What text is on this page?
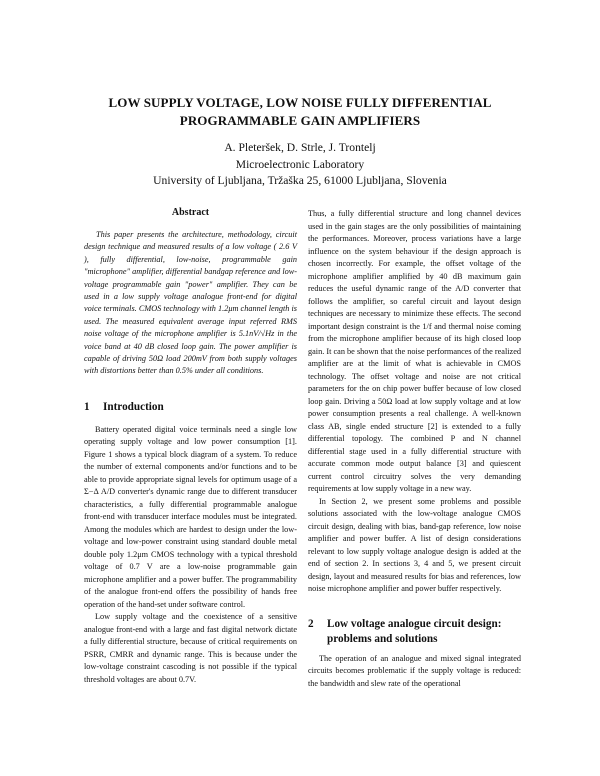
LOW SUPPLY VOLTAGE, LOW NOISE FULLY DIFFERENTIAL
PROGRAMMABLE GAIN AMPLIFIERS
A. Pleteršek, D. Strle, J. Trontelj
Microelectronic Laboratory
University of Ljubljana, Tržaška 25, 61000 Ljubljana, Slovenia
Abstract

This paper presents the architecture, methodology, circuit design technique and measured results of a low voltage ( 2.6 V ), fully differential, low-noise, programmable gain "microphone" amplifier, differential bandgap reference and low-voltage programmable gain "power" amplifier. They can be used in a low supply voltage analogue front-end for digital voice terminals. CMOS technology with 1.2μm channel length is used. The measured equivalent average input referred RMS noise voltage of the microphone amplifier is 5.1nV/√Hz in the voice band at 40 dB closed loop gain. The power amplifier is capable of driving 50Ω load 200mV from both supply voltages with distortions better than 0.5% under all conditions.

1	Introduction

Battery operated digital voice terminals need a single low operating supply voltage and low power consumption [1]. Figure 1 shows a typical block diagram of a system. To reduce the number of external components and/or functions and to be able to provide appropriate signal levels for optimum usage of a Σ−Δ A/D converter's dynamic range due to different transducer characteristics, a fully differential programmable analogue front-end with transducer interface modules must be integrated. Among the modules which are hardest to design under the low-voltage and low-power constraint using standard double metal double poly 1.2μm CMOS technology with a typical threshold voltage of 0.7 V are a low-noise programmable gain microphone amplifier and a power buffer. The programmability of the analogue front-end offers the possibility of hands free operation of the hand-set under software control.

Low supply voltage and the coexistence of a sensitive analogue front-end with a large and fast digital network dictate a fully differential structure, because of critical requirements on PSRR, CMRR and dynamic range. This is because under the low-voltage constraint cascoding is not possible if the typical threshold voltages are about 0.7V.

Thus, a fully differential structure and long channel devices used in the gain stages are the only possibilities of maintaining the performances. Moreover, process variations have a large influence on the system behaviour if the design approach is chosen incorrectly. For example, the offset voltage of the microphone amplifier amplified by 40 dB maximum gain reduces the useful dynamic range of the A/D converter that follows the amplifier, so careful circuit and layout design techniques are necessary to minimize these effects. The second important design constraint is the 1/f and thermal noise coming from the microphone amplifier because of its high closed loop gain. It can be shown that the noise performances of the realized amplifier are at the limit of what is achievable in CMOS technology. The offset voltage and noise are not critical parameters for the on chip power buffer because of low closed loop gain. Driving a 50Ω load at low supply voltage and at low power consumption presents a real challenge. A well-known class AB, single ended structure [2] is extended to a fully differential topology. The combined P and N channel differential stage used in a fully differential structure with accurate common mode output balance [3] and quiescent current control circuitry solves the very demanding requirements at low supply voltage in a new way.

In Section 2, we present some problems and possible solutions associated with the low-voltage analogue CMOS circuit design, dealing with bias, band-gap reference, low noise amplifier and power buffer. A list of design considerations relevant to low supply voltage analogue design is added at the end of section 2. In sections 3, 4 and 5, we present circuit design, layout and measured results for bias and references, low noise microphone amplifier and power buffer respectively.

2	Low voltage analogue circuit design: problems and solutions

The operation of an analogue and mixed signal integrated circuits becomes problematic if the supply voltage is reduced: the bandwidth and slew rate of the operational
